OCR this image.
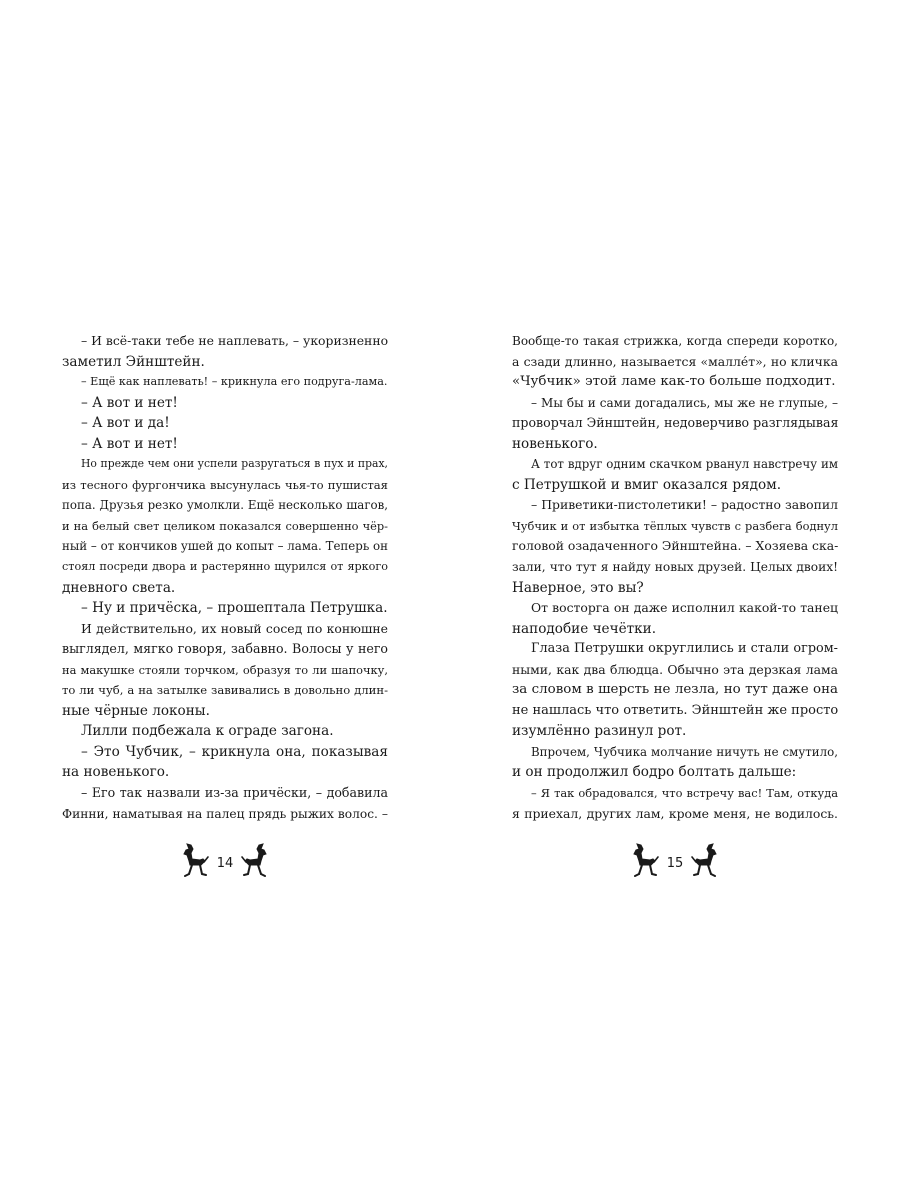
– И всё-таки тебе не наплевать, – укоризненно
заметил Эйнштейн.
– Ещё как наплевать! – крикнула его подруга-лама.
– А вот и нет!
– А вот и да!
– А вот и нет!
Но прежде чем они успели разругаться в пух и прах,
из тесного фургончика высунулась чья-то пушистая
попа. Друзья резко умолкли. Ещё несколько шагов,
и на белый свет целиком показался совершенно чёр-
ный – от кончиков ушей до копыт – лама. Теперь он
стоял посреди двора и растерянно щурился от яркого
дневного света.
– Ну и причёска, – прошептала Петрушка.
И действительно, их новый сосед по конюшне
выглядел, мягко говоря, забавно. Волосы у него
на макушке стояли торчком, образуя то ли шапочку,
то ли чуб, а на затылке завивались в довольно длин-
ные чёрные локоны.
Лилли подбежала к ограде загона.
– Это Чубчик, – крикнула она, показывая
на новенького.
– Его так назвали из-за причёски, – добавила
Финни, наматывая на палец прядь рыжих волос. –
Вообще-то такая стрижка, когда спереди коротко,
а сзади длинно, называется «маллéт», но кличка
«Чубчик» этой ламе как-то больше подходит.
– Мы бы и сами догадались, мы же не глупые, –
проворчал Эйнштейн, недоверчиво разглядывая
новенького.
А тот вдруг одним скачком рванул навстречу им
с Петрушкой и вмиг оказался рядом.
– Приветики-пистолетики! – радостно завопил
Чубчик и от избытка тёплых чувств с разбега боднул
головой озадаченного Эйнштейна. – Хозяева ска-
зали, что тут я найду новых друзей. Целых двоих!
Наверное, это вы?
От восторга он даже исполнил какой-то танец
наподобие чечётки.
Глаза Петрушки округлились и стали огром-
ными, как два блюдца. Обычно эта дерзкая лама
за словом в шерсть не лезла, но тут даже она
не нашлась что ответить. Эйнштейн же просто
изумлённо разинул рот.
Впрочем, Чубчика молчание ничуть не смутило,
и он продолжил бодро болтать дальше:
– Я так обрадовался, что встречу вас! Там, откуда
я приехал, других лам, кроме меня, не водилось.
14	15
